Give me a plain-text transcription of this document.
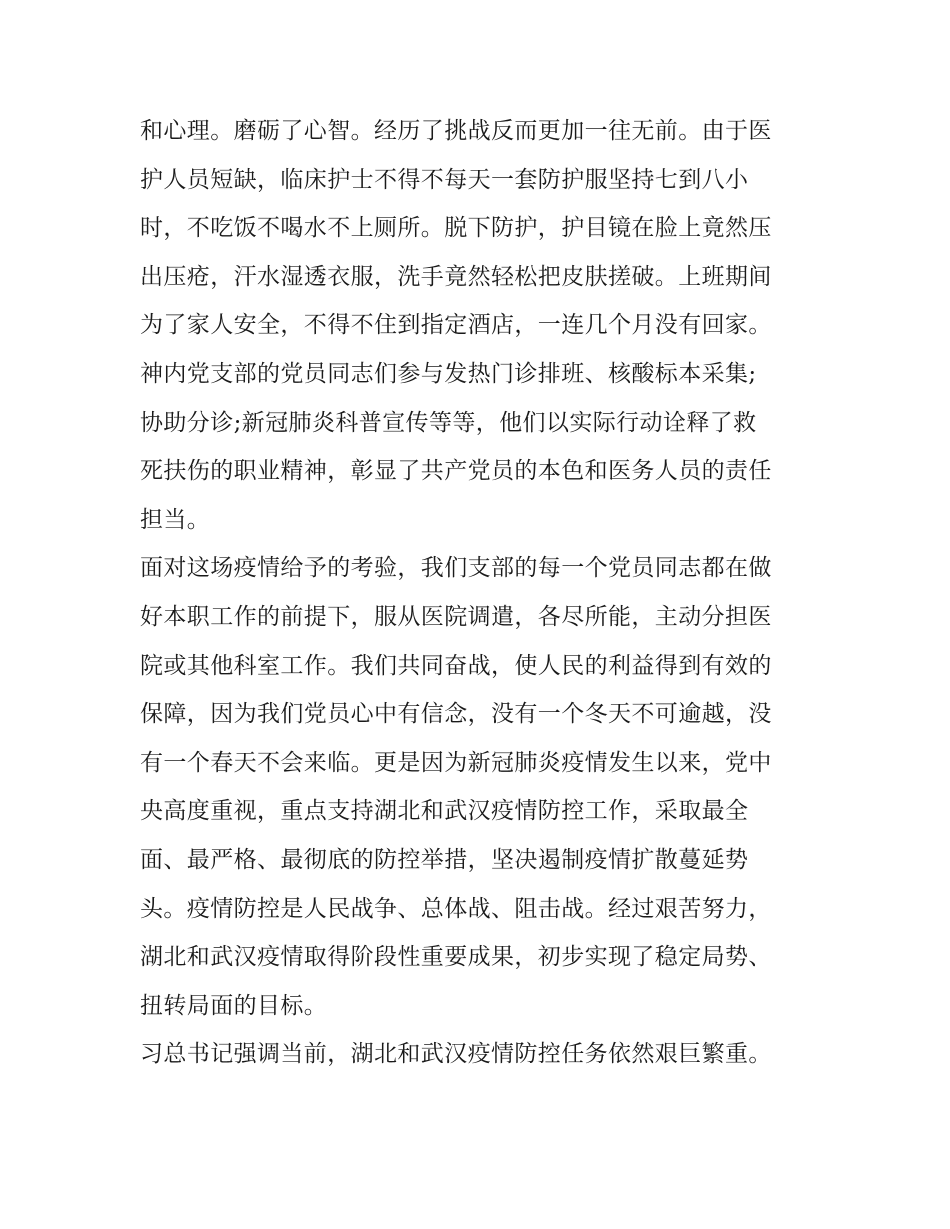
和心理。磨砺了心智。经历了挑战反而更加一往无前。由于医
护人员短缺，临床护士不得不每天一套防护服坚持七到八小
时，不吃饭不喝水不上厕所。脱下防护，护目镜在脸上竟然压
出压疮，汗水湿透衣服，洗手竟然轻松把皮肤搓破。上班期间
为了家人安全，不得不住到指定酒店，一连几个月没有回家。
神内党支部的党员同志们参与发热门诊排班、核酸标本采集;
协助分诊;新冠肺炎科普宣传等等，他们以实际行动诠释了救
死扶伤的职业精神，彰显了共产党员的本色和医务人员的责任
担当。
面对这场疫情给予的考验，我们支部的每一个党员同志都在做
好本职工作的前提下，服从医院调遣，各尽所能，主动分担医
院或其他科室工作。我们共同奋战，使人民的利益得到有效的
保障，因为我们党员心中有信念，没有一个冬天不可逾越，没
有一个春天不会来临。更是因为新冠肺炎疫情发生以来，党中
央高度重视，重点支持湖北和武汉疫情防控工作，采取最全
面、最严格、最彻底的防控举措，坚决遏制疫情扩散蔓延势
头。疫情防控是人民战争、总体战、阻击战。经过艰苦努力，
湖北和武汉疫情取得阶段性重要成果，初步实现了稳定局势、
扭转局面的目标。
习总书记强调当前，湖北和武汉疫情防控任务依然艰巨繁重。
